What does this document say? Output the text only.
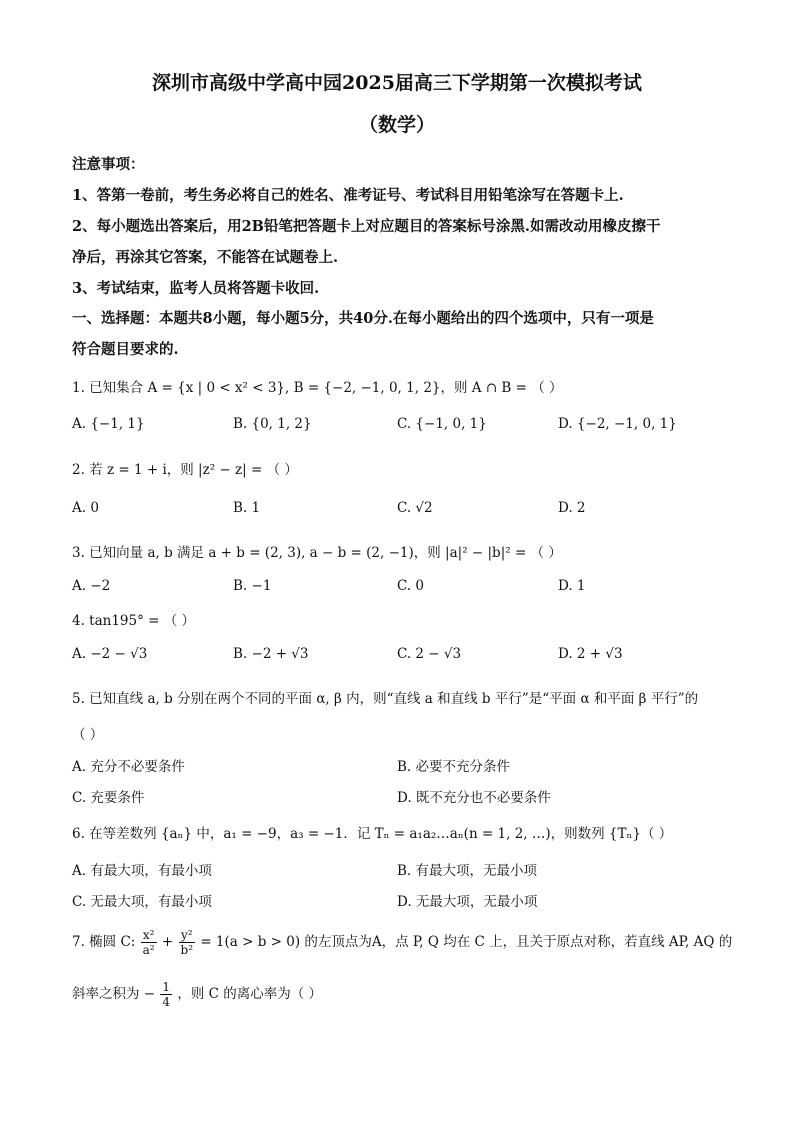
深圳市高级中学高中园2025届高三下学期第一次模拟考试
（数学）
注意事项：
1、答第一卷前，考生务必将自己的姓名、准考证号、考试科目用铅笔涂写在答题卡上.
2、每小题选出答案后，用2B铅笔把答题卡上对应题目的答案标号涂黑.如需改动用橡皮擦干
净后，再涂其它答案，不能答在试题卷上.
3、考试结束，监考人员将答题卡收回.
一、选择题：本题共8小题，每小题5分，共40分.在每小题给出的四个选项中，只有一项是
符合题目要求的.
1. 已知集合 A = {x | 0 < x² < 3}, B = {−2, −1, 0, 1, 2}，则 A ∩ B = （ ）
A. {−1, 1}	B. {0, 1, 2}	C. {−1, 0, 1}	D. {−2, −1, 0, 1}
2. 若 z = 1 + i，则 |z² − z| = （ ）
A. 0	B. 1	C. √2	D. 2
3. 已知向量 a, b 满足 a + b = (2, 3), a − b = (2, −1)，则 |a|² − |b|² = （ ）
A. −2	B. −1	C. 0	D. 1
4. tan195° = （ ）
A. −2 − √3	B. −2 + √3	C. 2 − √3	D. 2 + √3
5. 已知直线 a, b 分别在两个不同的平面 α, β 内，则“直线 a 和直线 b 平行”是“平面 α 和平面 β 平行”的
（ ）
A. 充分不必要条件	B. 必要不充分条件
C. 充要条件	D. 既不充分也不必要条件
6. 在等差数列 {aₙ} 中，a₁ = −9，a₃ = −1．记 Tₙ = a₁a₂…aₙ(n = 1, 2, …)，则数列 {Tₙ}（ ）
A. 有最大项，有最小项	B. 有最大项，无最小项
C. 无最大项，有最小项	D. 无最大项，无最小项
7. 椭圆 C: $\frac{\text{x²}}{\text{a²}} + \frac{\text{y²}}{\text{b²}} = 1(a > b > 0)$ 的左顶点为A，点 P, Q 均在 C 上，且关于原点对称，若直线 AP, AQ 的
斜率之积为 − $\frac{1}{4}$ ，则 C 的离心率为（ ）
